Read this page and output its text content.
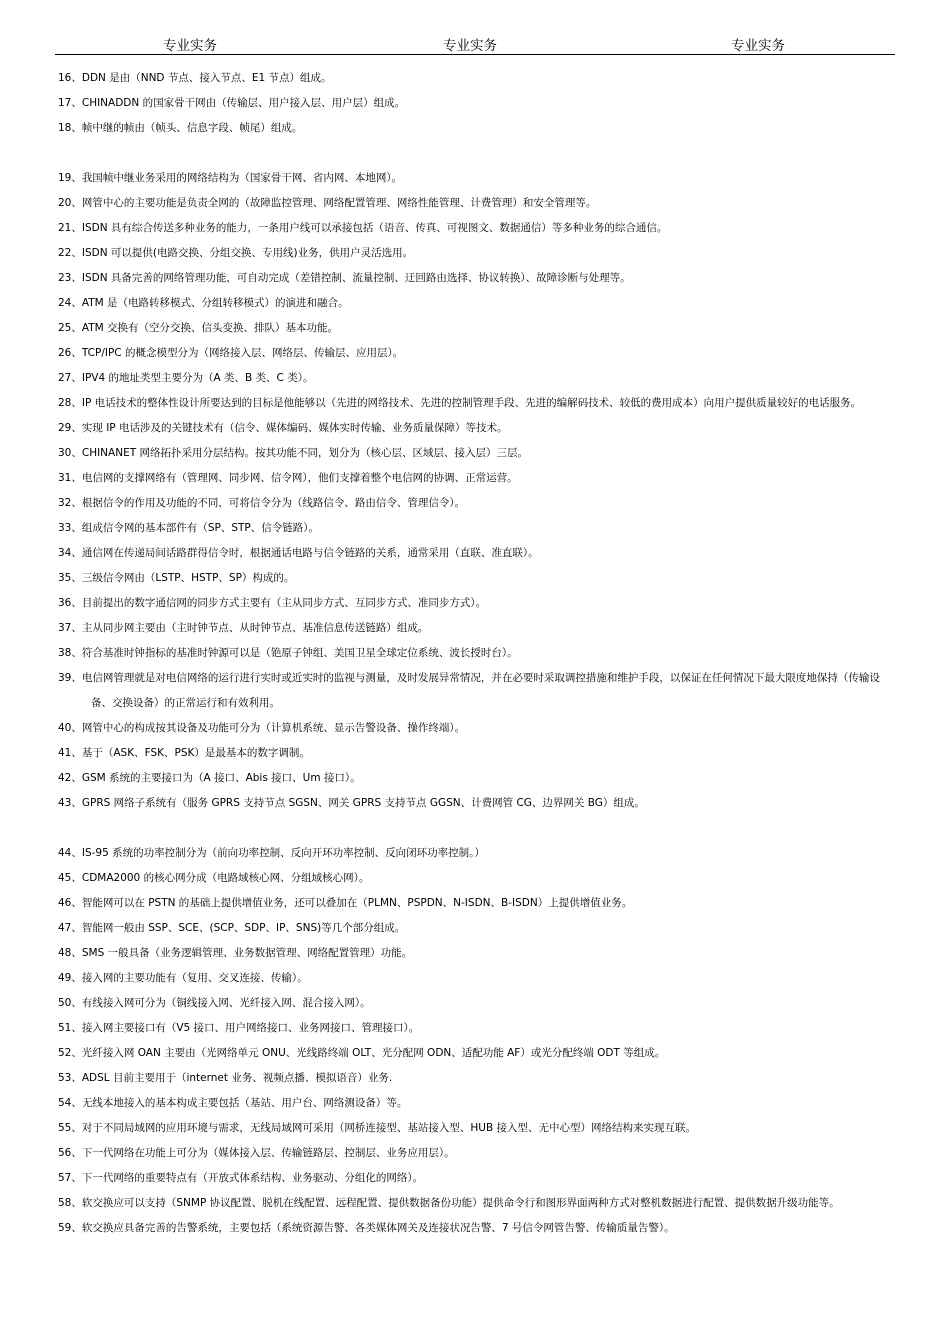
专业实务	专业实务	专业实务
16、DDN 是由（NND 节点、接入节点、E1 节点）组成。
17、CHINADDN 的国家骨干网由（传输层、用户接入层、用户层）组成。
18、帧中继的帧由（帧头、信息字段、帧尾）组成。
19、我国帧中继业务采用的网络结构为（国家骨干网、省内网、本地网）。
20、网管中心的主要功能是负责全网的（故障监控管理、网络配置管理、网络性能管理、计费管理）和安全管理等。
21、ISDN 具有综合传送多种业务的能力，一条用户线可以承接包括（语音、传真、可视图文、数据通信）等多种业务的综合通信。
22、ISDN 可以提供(电路交换、分组交换、专用线)业务，供用户灵活选用。
23、ISDN 具备完善的网络管理功能，可自动完成（差错控制、流量控制、迂回路由选择、协议转换）、故障诊断与处理等。
24、ATM 是（电路转移模式、分组转移模式）的演进和融合。
25、ATM 交换有（空分交换、信头变换、排队）基本功能。
26、TCP/IPC 的概念模型分为（网络接入层、网络层、传输层、应用层）。
27、IPV4 的地址类型主要分为（A 类、B 类、C 类）。
28、IP 电话技术的整体性设计所要达到的目标是他能够以（先进的网络技术、先进的控制管理手段、先进的编解码技术、较低的费用成本）向用户提供质量较好的电话服务。
29、实现 IP 电话涉及的关键技术有（信令、媒体编码、媒体实时传输、业务质量保障）等技术。
30、CHINANET 网络拓扑采用分层结构。按其功能不同，划分为（核心层、区域层、接入层）三层。
31、电信网的支撑网络有（管理网、同步网、信令网），他们支撑着整个电信网的协调、正常运营。
32、根据信令的作用及功能的不同，可将信令分为（线路信令、路由信令、管理信令）。
33、组成信令网的基本部件有（SP、STP、信令链路）。
34、通信网在传递局间话路群得信令时，根据通话电路与信令链路的关系，通常采用（直联、准直联）。
35、三级信令网由（LSTP、HSTP、SP）构成的。
36、目前提出的数字通信网的同步方式主要有（主从同步方式、互同步方式、准同步方式）。
37、主从同步网主要由（主时钟节点、从时钟节点、基准信息传送链路）组成。
38、符合基准时钟指标的基准时钟源可以是（铯原子钟组、美国卫星全球定位系统、波长授时台）。
39、电信网管理就是对电信网络的运行进行实时或近实时的监视与测量，及时发展异常情况，并在必要时采取调控措施和维护手段，以保证在任何情况下最大限度地保持（传输设备、交换设备）的正常运行和有效利用。
40、网管中心的构成按其设备及功能可分为（计算机系统、显示告警设备、操作终端）。
41、基于（ASK、FSK、PSK）是最基本的数字调制。
42、GSM 系统的主要接口为（A 接口、Abis 接口、Um 接口）。
43、GPRS 网络子系统有（服务 GPRS 支持节点 SGSN、网关 GPRS 支持节点 GGSN、计费网管 CG、边界网关 BG）组成。
44、IS-95 系统的功率控制分为（前向功率控制、反向开环功率控制、反向闭环功率控制。）
45、CDMA2000 的核心网分成（电路域核心网、分组域核心网）。
46、智能网可以在 PSTN 的基础上提供增值业务，还可以叠加在（PLMN、PSPDN、N-ISDN、B-ISDN）上提供增值业务。
47、智能网一般由 SSP、SCE、(SCP、SDP、IP、SNS)等几个部分组成。
48、SMS 一般具备（业务逻辑管理、业务数据管理、网络配置管理）功能。
49、接入网的主要功能有（复用、交叉连接、传输）。
50、有线接入网可分为（铜线接入网、光纤接入网、混合接入网）。
51、接入网主要接口有（V5 接口、用户网络接口、业务网接口、管理接口）。
52、光纤接入网 OAN 主要由（光网络单元 ONU、光线路终端 OLT、光分配网 ODN、适配功能 AF）或光分配终端 ODT 等组成。
53、ADSL 目前主要用于（internet 业务、视频点播、模拟语音）业务.
54、无线本地接入的基本构成主要包括（基站、用户台、网络测设备）等。
55、对于不同局域网的应用环境与需求，无线局域网可采用（网桥连接型、基站接入型、HUB 接入型、无中心型）网络结构来实现互联。
56、下一代网络在功能上可分为（媒体接入层、传输链路层、控制层、业务应用层）。
57、下一代网络的重要特点有（开放式体系结构、业务驱动、分组化的网络）。
58、软交换应可以支持（SNMP 协议配置、脱机在线配置、远程配置、提供数据备份功能）提供命令行和图形界面两种方式对整机数据进行配置、提供数据升级功能等。
59、软交换应具备完善的告警系统，主要包括（系统资源告警、各类媒体网关及连接状况告警、7 号信令网管告警、传输质量告警）。
